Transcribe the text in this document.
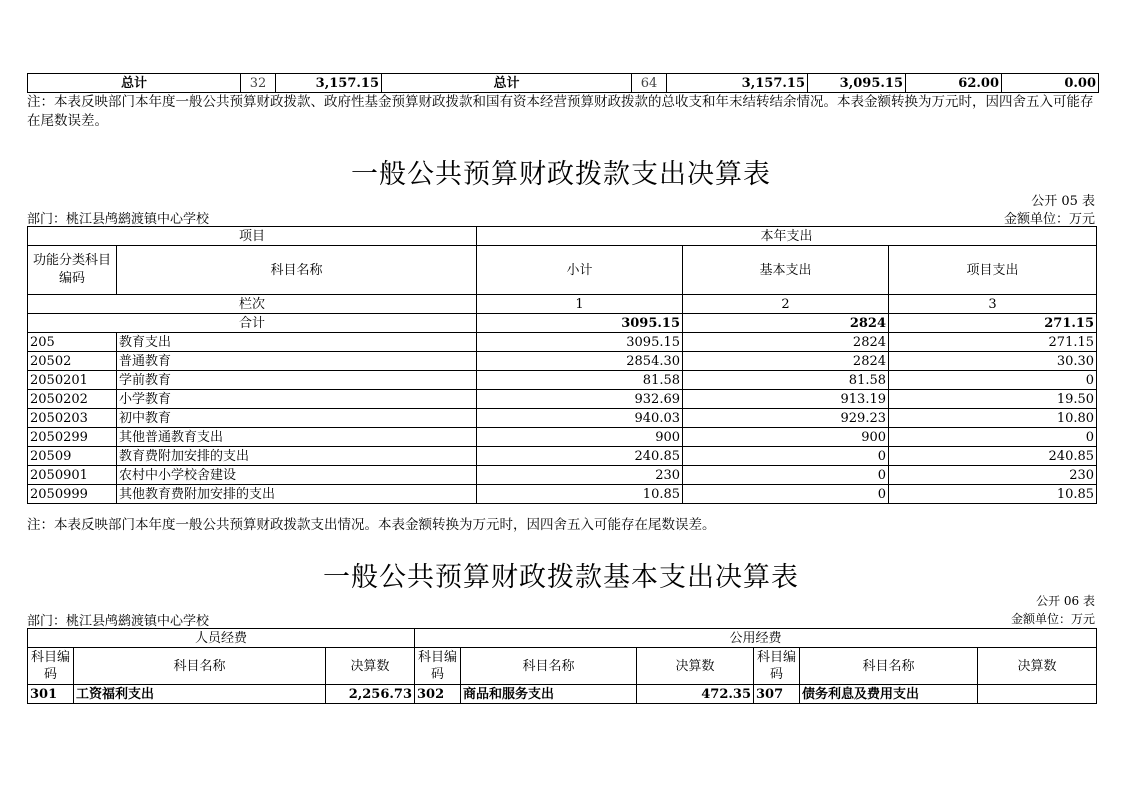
总计	32	3,157.15	总计	64	3,157.15	3,095.15	62.00	0.00
注：本表反映部门本年度一般公共预算财政拨款、政府性基金预算财政拨款和国有资本经营预算财政拨款的总收支和年末结转结余情况。本表金额转换为万元时，因四舍五入可能存在尾数误差。
一般公共预算财政拨款支出决算表
公开 05 表
部门：桃江县鸬鹚渡镇中心学校	金额单位：万元
项目		本年支出		
功能分类科目编码	科目名称	小计	基本支出	项目支出
栏次		1	2	3
合计		3095.15	2824	271.15
205	教育支出	3095.15	2824	271.15
20502	普通教育	2854.30	2824	30.30
2050201	学前教育	81.58	81.58	0
2050202	小学教育	932.69	913.19	19.50
2050203	初中教育	940.03	929.23	10.80
2050299	其他普通教育支出	900	900	0
20509	教育费附加安排的支出	240.85	0	240.85
2050901	农村中小学校舍建设	230	0	230
2050999	其他教育费附加安排的支出	10.85	0	10.85
注：本表反映部门本年度一般公共预算财政拨款支出情况。本表金额转换为万元时，因四舍五入可能存在尾数误差。
一般公共预算财政拨款基本支出决算表
公开 06 表
部门：桃江县鸬鹚渡镇中心学校	金额单位：万元
人员经费			公用经费					
科目编码	科目名称	决算数	科目编码	科目名称	决算数	科目编码	科目名称	决算数
301	工资福利支出	2,256.73	302	商品和服务支出	472.35	307	债务利息及费用支出	
